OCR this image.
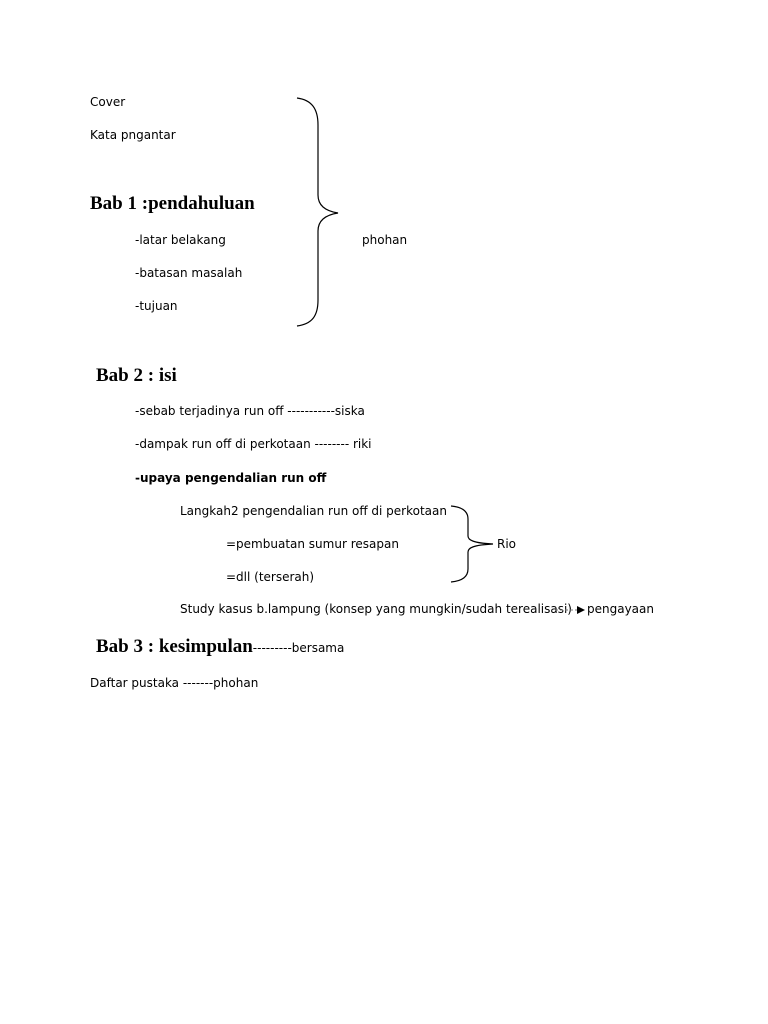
Cover
Kata pngantar
Bab 1 :pendahuluan
-latar belakang
-batasan masalah
-tujuan
phohan
Bab 2 : isi
-sebab terjadinya run off -----------siska
-dampak run off di perkotaan -------- riki
-upaya pengendalian run off
Langkah2 pengendalian run off di perkotaan
=pembuatan sumur resapan
=dll (terserah)
Rio
Study kasus b.lampung (konsep yang mungkin/sudah terealisasi) pengayaan
Bab 3 : kesimpulan---------bersama
Daftar pustaka -------phohan
